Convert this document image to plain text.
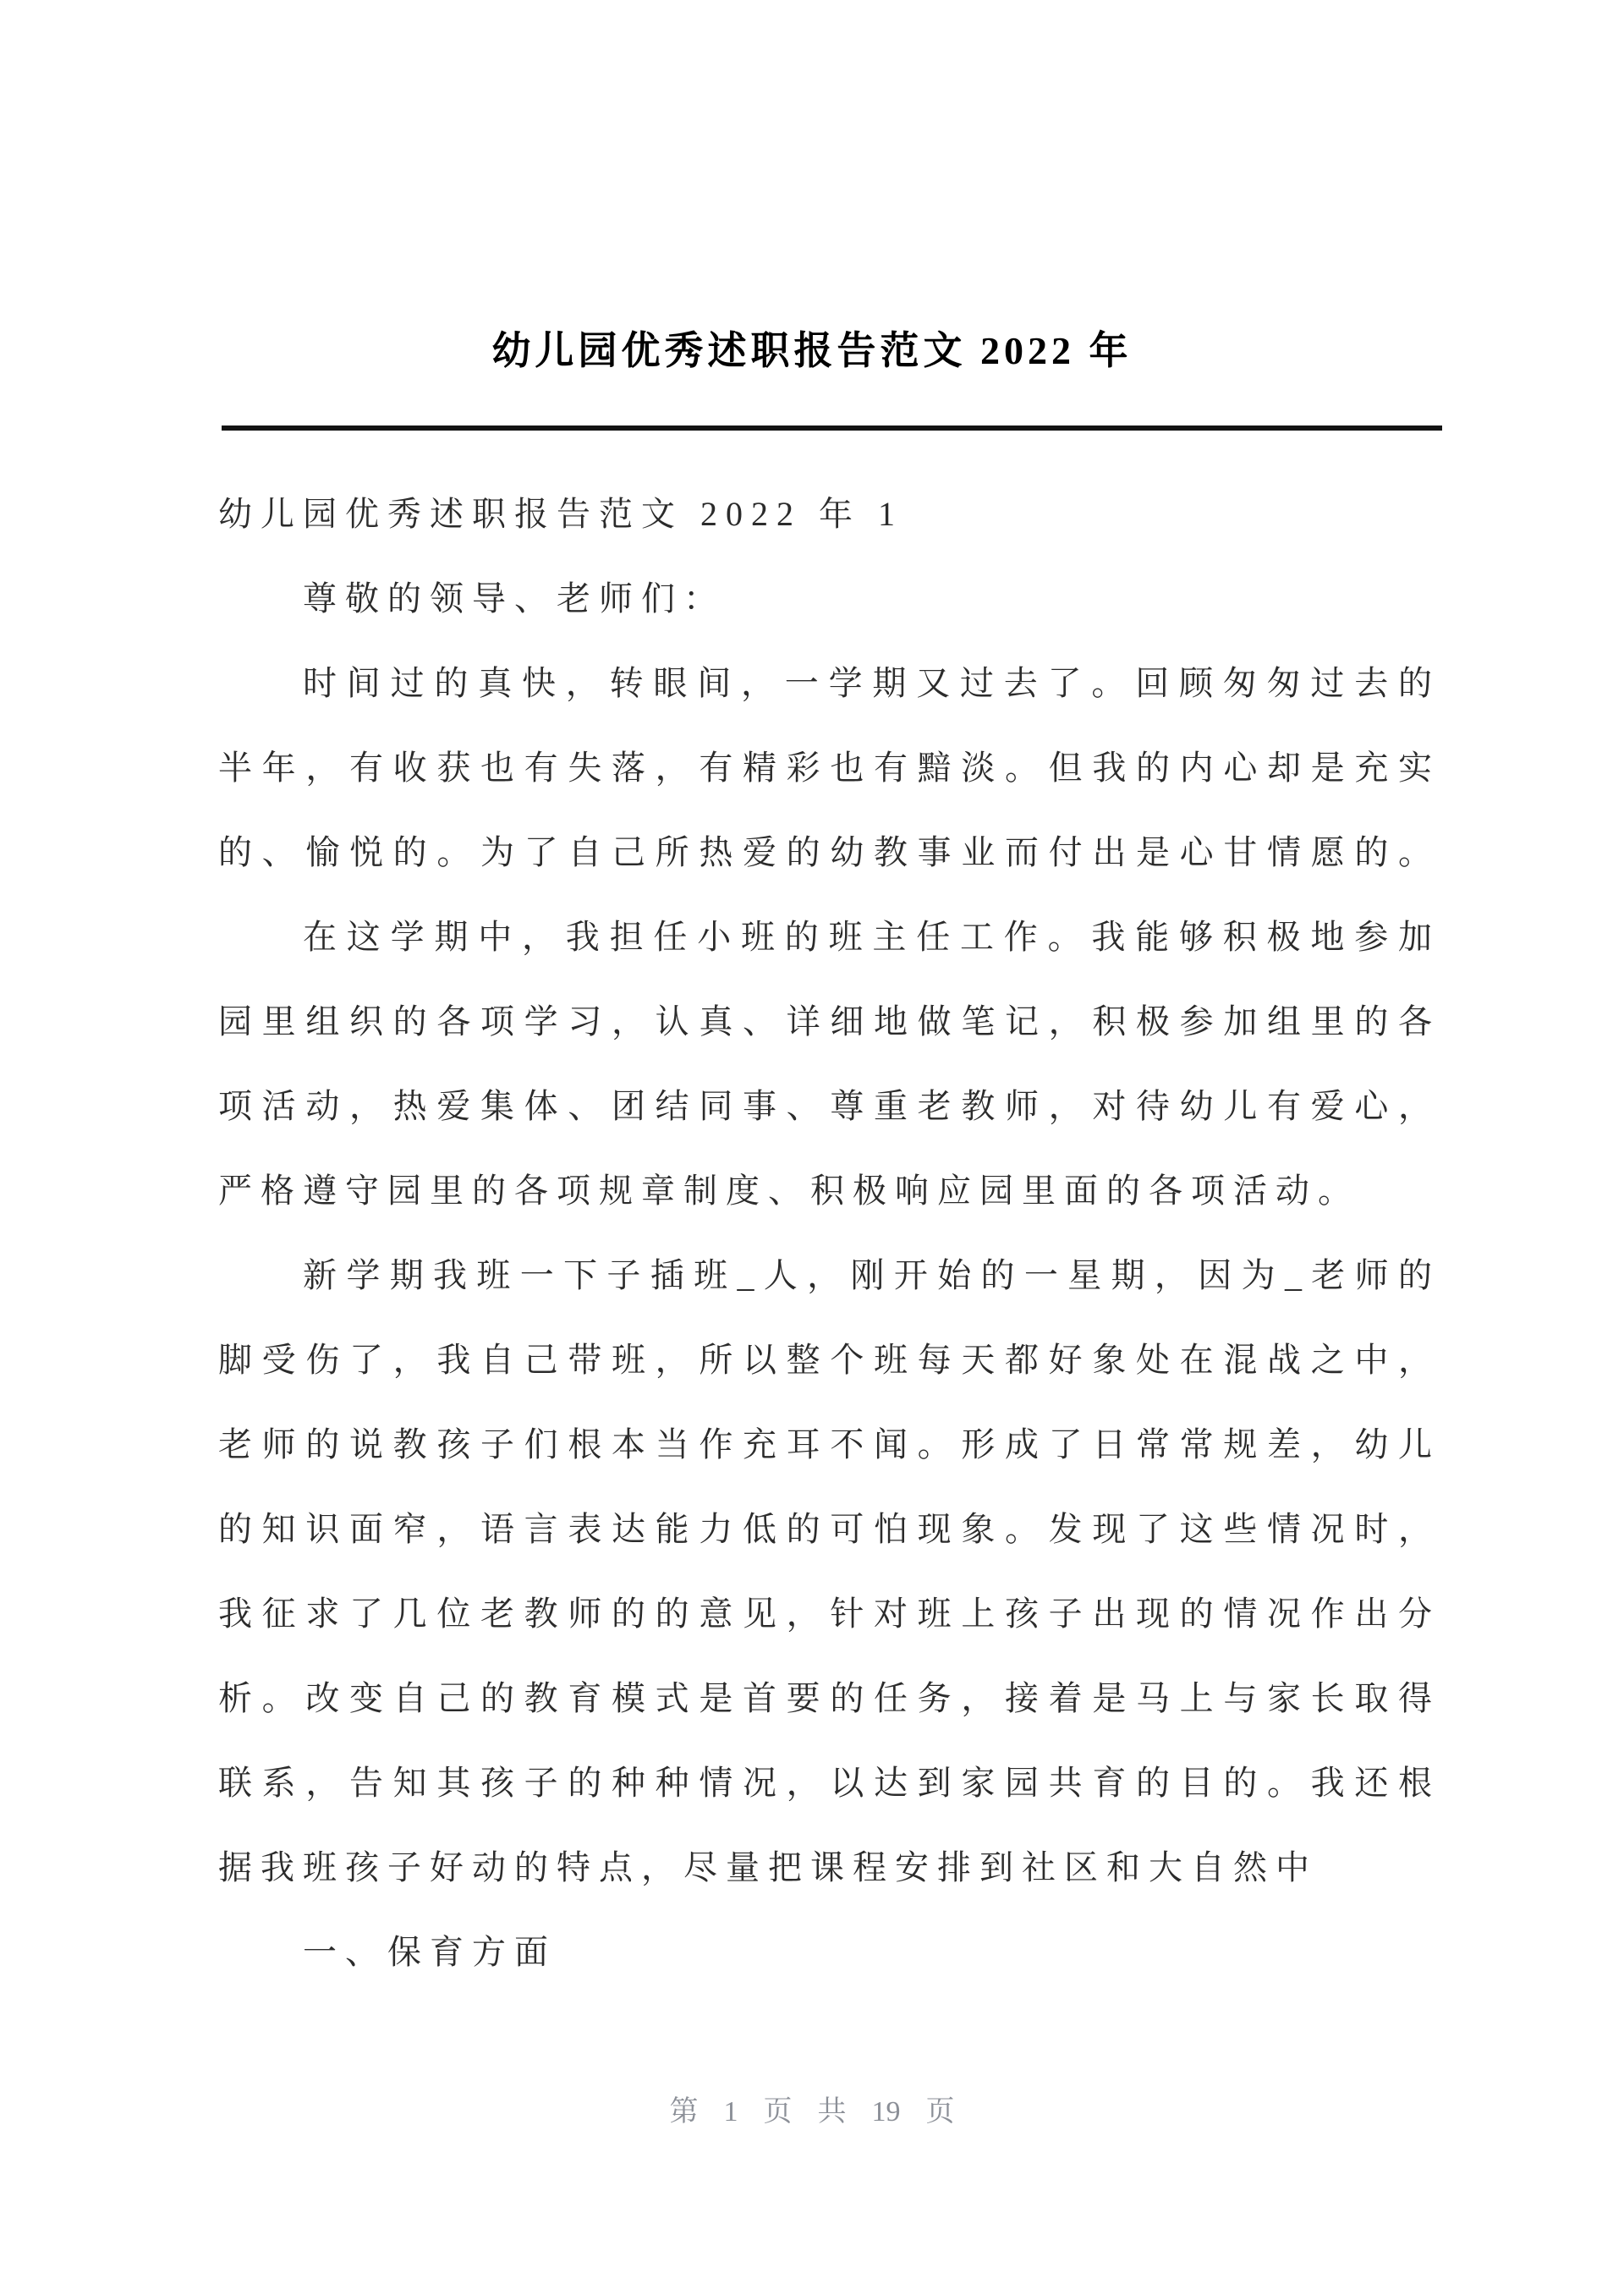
幼儿园优秀述职报告范文 2022 年
幼儿园优秀述职报告范文 2022 年 1
尊敬的领导、老师们：
时间过的真快，转眼间，一学期又过去了。回顾匆匆过去的
半年，有收获也有失落，有精彩也有黯淡。但我的内心却是充实
的、愉悦的。为了自己所热爱的幼教事业而付出是心甘情愿的。
在这学期中，我担任小班的班主任工作。我能够积极地参加
园里组织的各项学习，认真、详细地做笔记，积极参加组里的各
项活动，热爱集体、团结同事、尊重老教师，对待幼儿有爱心，
严格遵守园里的各项规章制度、积极响应园里面的各项活动。
新学期我班一下子插班_人，刚开始的一星期，因为_老师的
脚受伤了，我自己带班，所以整个班每天都好象处在混战之中，
老师的说教孩子们根本当作充耳不闻。形成了日常常规差，幼儿
的知识面窄，语言表达能力低的可怕现象。发现了这些情况时，
我征求了几位老教师的的意见，针对班上孩子出现的情况作出分
析。改变自己的教育模式是首要的任务，接着是马上与家长取得
联系，告知其孩子的种种情况，以达到家园共育的目的。我还根
据我班孩子好动的特点，尽量把课程安排到社区和大自然中
一、保育方面
第 1 页 共 19 页
